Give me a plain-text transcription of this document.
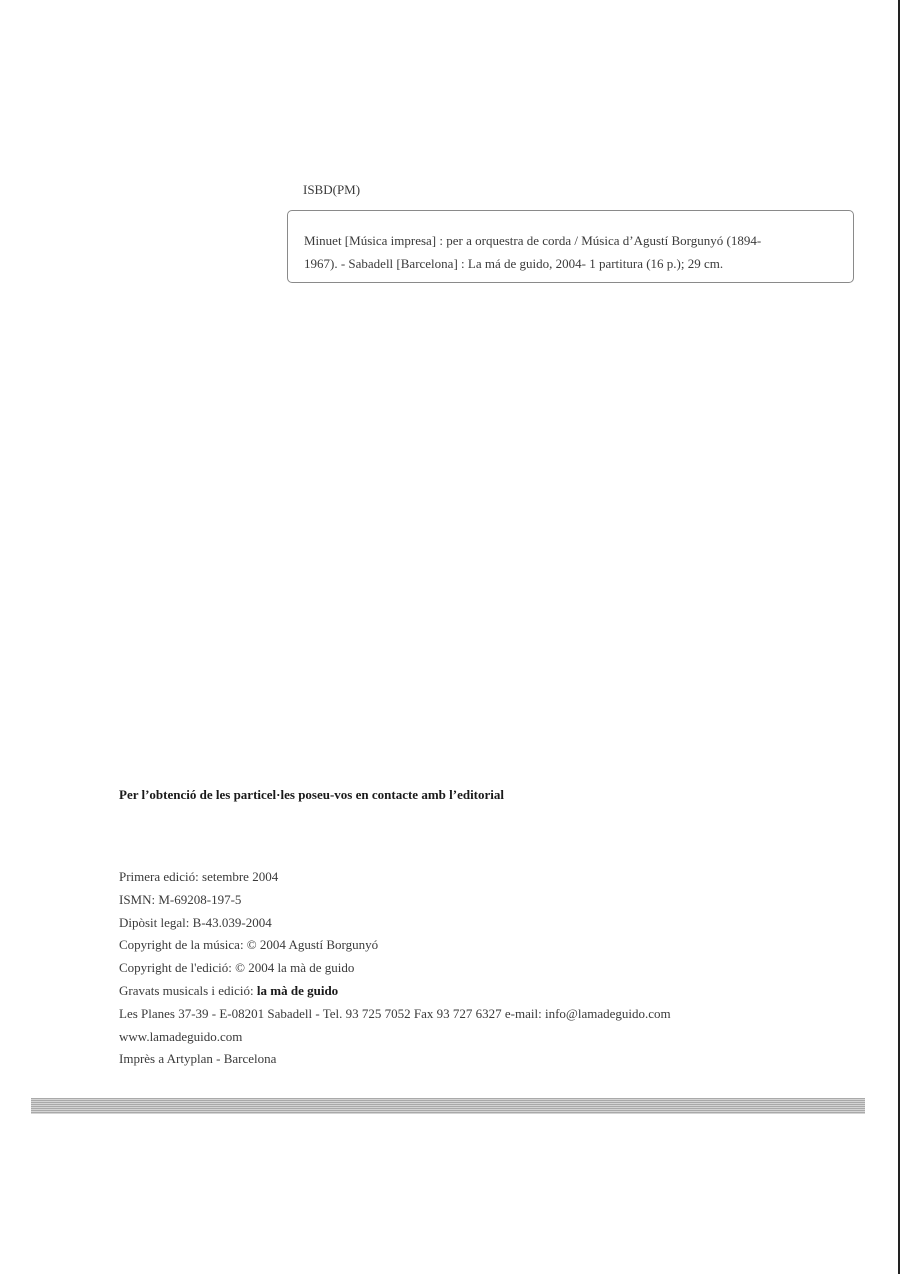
ISBD(PM)
Minuet [Música impresa] : per a orquestra de corda / Música d’Agustí Borgunyó (1894-
1967). - Sabadell [Barcelona] : La má de guido, 2004- 1 partitura (16 p.); 29 cm.
Per l’obtenció de les particel·les poseu-vos en contacte amb l’editorial
Primera edició: setembre 2004
ISMN: M-69208-197-5
Dipòsit legal: B-43.039-2004
Copyright de la música: © 2004 Agustí Borgunyó
Copyright de l'edició: © 2004 la mà de guido
Gravats musicals i edició: la mà de guido
Les Planes 37-39 - E-08201 Sabadell - Tel. 93 725 7052 Fax 93 727 6327 e-mail: info@lamadeguido.com
www.lamadeguido.com
Imprès a Artyplan - Barcelona
